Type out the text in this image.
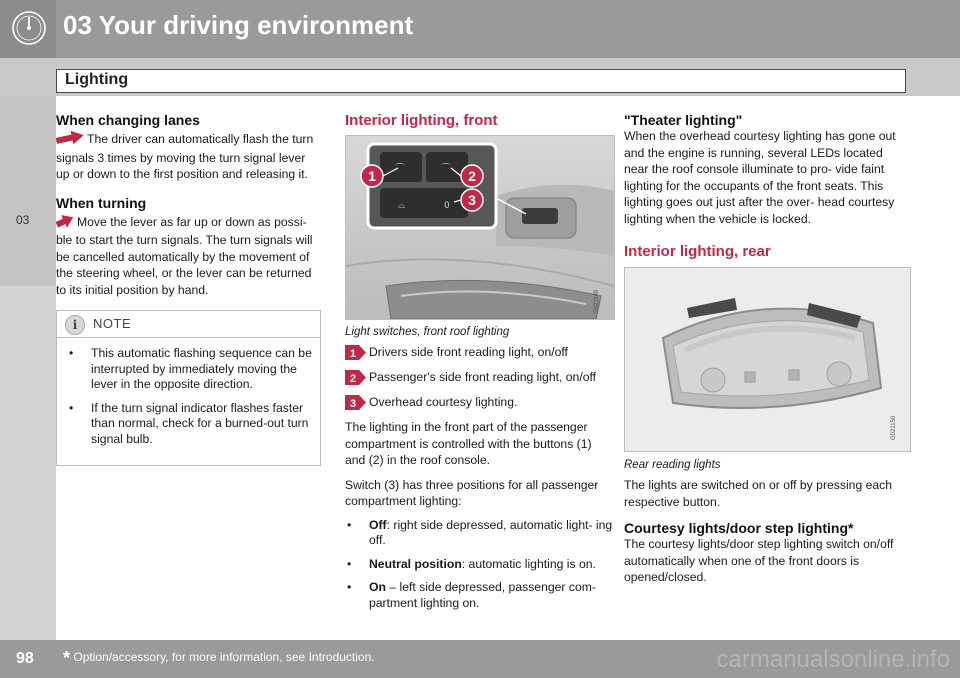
03 Your driving environment
Lighting
03
When changing lanes

The driver can automatically flash the turn signals 3 times by moving the turn signal lever up or down to the first position and releasing it.

When turning

Move the lever as far up or down as possi- ble to start the turn signals. The turn signals will be cancelled automatically by the movement of the steering wheel, or the lever can be returned to its initial position by hand.

i	NOTE
• This automatic flashing sequence can be interrupted by immediately moving the lever in the opposite direction.
• If the turn signal indicator flashes faster than normal, check for a burned-out turn signal bulb.
Interior lighting, front
⌒	⌒
⌓	0
1	2
3
G021149
Light switches, front roof lighting
1 Drivers side front reading light, on/off
2 Passenger's side front reading light, on/off
3 Overhead courtesy lighting.

The lighting in the front part of the passenger compartment is controlled with the buttons (1) and (2) in the roof console.

Switch (3) has three positions for all passenger compartment lighting:

• Off: right side depressed, automatic light- ing off.
• Neutral position: automatic lighting is on.
• On – left side depressed, passenger com- partment lighting on.
"Theater lighting"

When the overhead courtesy lighting has gone out and the engine is running, several LEDs located near the roof console illuminate to pro- vide faint lighting for the occupants of the front seats. This lighting goes out just after the over- head courtesy lighting when the vehicle is locked.

Interior lighting, rear
G021150
Rear reading lights

The lights are switched on or off by pressing each respective button.

Courtesy lights/door step lighting*

The courtesy lights/door step lighting switch on/off automatically when one of the front doors is opened/closed.

98 * Option/accessory, for more information, see Introduction.	carmanualsonline.info
